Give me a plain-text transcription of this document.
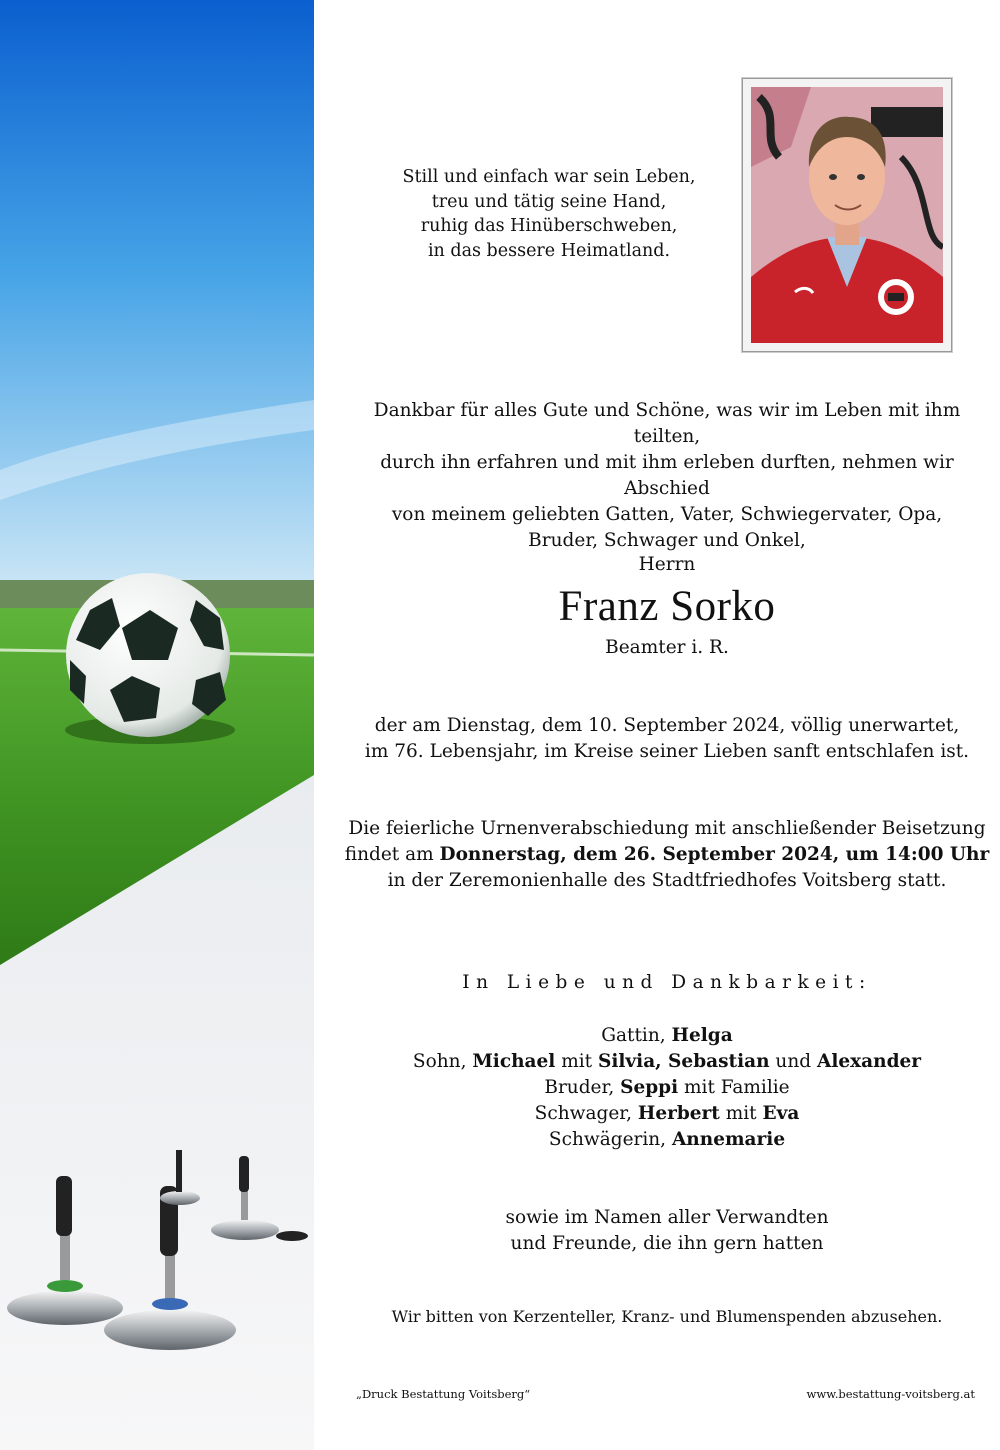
Still und einfach war sein Leben,
treu und tätig seine Hand,
ruhig das Hinüberschweben,
in das bessere Heimatland.
Dankbar für alles Gute und Schöne, was wir im Leben mit ihm teilten,
durch ihn erfahren und mit ihm erleben durften, nehmen wir Abschied
von meinem geliebten Gatten, Vater, Schwiegervater, Opa,
Bruder, Schwager und Onkel,
Herrn
Franz Sorko
Beamter i. R.
der am Dienstag, dem 10. September 2024, völlig unerwartet,
im 76. Lebensjahr, im Kreise seiner Lieben sanft entschlafen ist.
Die feierliche Urnenverabschiedung mit anschließender Beisetzung
findet am Donnerstag, dem 26. September 2024, um 14:00 Uhr
in der Zeremonienhalle des Stadtfriedhofes Voitsberg statt.
In Liebe und Dankbarkeit:
Gattin, Helga
Sohn, Michael mit Silvia, Sebastian und Alexander
Bruder, Seppi mit Familie
Schwager, Herbert mit Eva
Schwägerin, Annemarie
sowie im Namen aller Verwandten
und Freunde, die ihn gern hatten
Wir bitten von Kerzenteller, Kranz- und Blumenspenden abzusehen.
„Druck Bestattung Voitsberg“	www.bestattung-voitsberg.at
